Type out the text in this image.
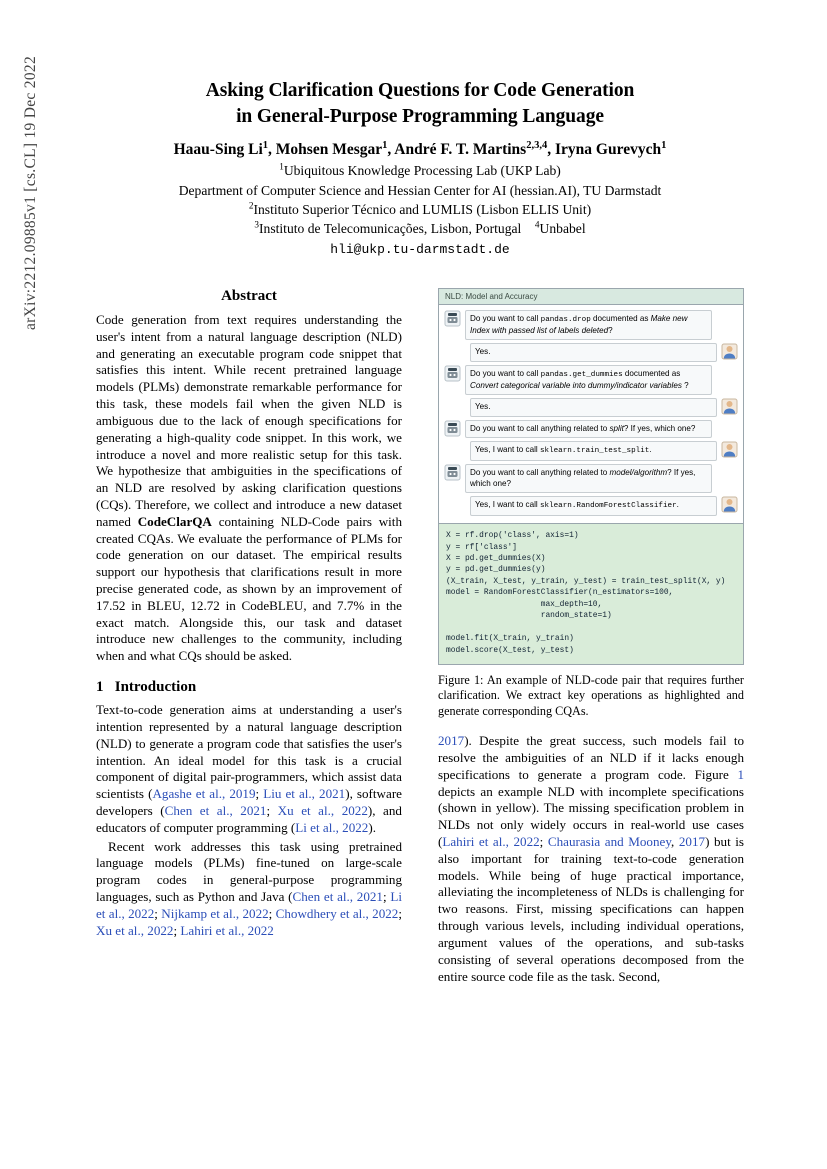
arXiv:2212.09885v1 [cs.CL] 19 Dec 2022	Asking Clarification Questions for Code Generation
in General-Purpose Programming Language
Haau-Sing Li$^1$, Mohsen Mesgar$^1$, André F. T. Martins$^{2,3,4}$, Iryna Gurevych$^1$
$^1$Ubiquitous Knowledge Processing Lab (UKP Lab)
Department of Computer Science and Hessian Center for AI (hessian.AI), TU Darmstadt
$^2$Instituto Superior Técnico and LUMLIS (Lisbon ELLIS Unit)
$^3$Instituto de Telecomunicações, Lisbon, Portugal $^4$Unbabel
hli@ukp.tu-darmstadt.de
Abstract

Code generation from text requires understanding the user's intent from a natural language description (NLD) and generating an executable program code snippet that satisfies this intent. While recent pretrained language models (PLMs) demonstrate remarkable performance for this task, these models fail when the given NLD is ambiguous due to the lack of enough specifications for generating a high-quality code snippet. In this work, we introduce a novel and more realistic setup for this task. We hypothesize that ambiguities in the specifications of an NLD are resolved by asking clarification questions (CQs). Therefore, we collect and introduce a new dataset named CodeClarQA containing NLD-Code pairs with created CQAs. We evaluate the performance of PLMs for code generation on our dataset. The empirical results support our hypothesis that clarifications result in more precise generated code, as shown by an improvement of 17.52 in BLEU, 12.72 in CodeBLEU, and 7.7% in the exact match. Alongside this, our task and dataset introduce new challenges to the community, including when and what CQs should be asked.

1 Introduction

Text-to-code generation aims at understanding a user's intention represented by a natural language description (NLD) to generate a program code that satisfies the user's intention. An ideal model for this task is a crucial component of digital pair-programmers, which assist data scientists (Agashe et al., 2019; Liu et al., 2021), software developers (Chen et al., 2021; Xu et al., 2022), and educators of computer programming (Li et al., 2022).

Recent work addresses this task using pretrained language models (PLMs) fine-tuned on large-scale program codes in general-purpose programming languages, such as Python and Java (Chen et al., 2021; Li et al., 2022; Nijkamp et al., 2022; Chowdhery et al., 2022; Xu et al., 2022; Lahiri et al., 2022

NLD: Model and Accuracy
Do you want to call pandas.drop documented as Make new Index with passed list of labels deleted?
Yes.
Do you want to call pandas.get_dummies documented as Convert categorical variable into dummy/indicator variables ?
Yes.
Do you want to call anything related to split? If yes, which one?
Yes, I want to call sklearn.train_test_split.
Do you want to call anything related to model/algorithm? If yes, which one?
Yes, I want to call sklearn.RandomForestClassifier.
X = rf.drop('class', axis=1)
y = rf['class']
X = pd.get_dummies(X)
y = pd.get_dummies(y)
(X_train, X_test, y_train, y_test) = train_test_split(X, y)
model = RandomForestClassifier(n_estimators=100,
max_depth=10,
random_state=1)

model.fit(X_train, y_train)
model.score(X_test, y_test)
Figure 1: An example of NLD-code pair that requires further clarification. We extract key operations as highlighted and generate corresponding CQAs.

2017). Despite the great success, such models fail to resolve the ambiguities of an NLD if it lacks enough specifications to generate a program code. Figure 1 depicts an example NLD with incomplete specifications (shown in yellow). The missing specification problem in NLDs not only widely occurs in real-world use cases (Lahiri et al., 2022; Chaurasia and Mooney, 2017) but is also important for training text-to-code generation models. While being of huge practical importance, alleviating the incompleteness of NLDs is challenging for two reasons. First, missing specifications can happen through various levels, including individual operations, argument values of the operations, and sub-tasks consisting of several operations decomposed from the entire source code file as the task. Second,
